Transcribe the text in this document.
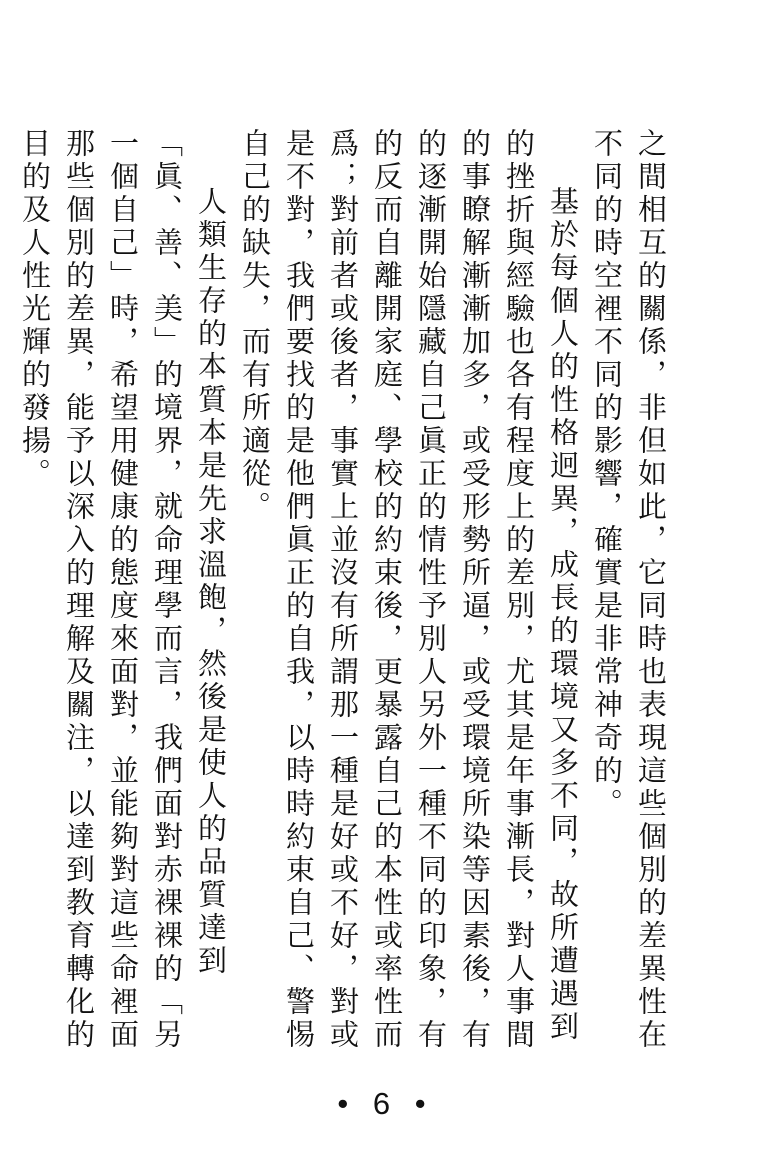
之間相互的關係，非但如此，它同時也表現這些個別的差異性在不同的時空裡不同的影響，確實是非常神奇的。

基於每個人的性格迥異，成長的環境又多不同，故所遭遇到的挫折與經驗也各有程度上的差別，尤其是年事漸長，對人事間的事瞭解漸漸加多，或受形勢所逼，或受環境所染等因素後，有的逐漸開始隱藏自己眞正的情性予別人另外一種不同的印象，有的反而自離開家庭、學校的約束後，更暴露自己的本性或率性而爲；對前者或後者，事實上並沒有所謂那一種是好或不好，對或是不對，我們要找的是他們眞正的自我，以時時約束自己、警惕自己的缺失，而有所適從。

人類生存的本質本是先求溫飽，然後是使人的品質達到「眞、善、美」的境界，就命理學而言，我們面對赤裸裸的「另一個自己」時，希望用健康的態度來面對，並能夠對這些命裡面那些個別的差異，能予以深入的理解及關注，以達到教育轉化的目的及人性光輝的發揚。

• 6 •
